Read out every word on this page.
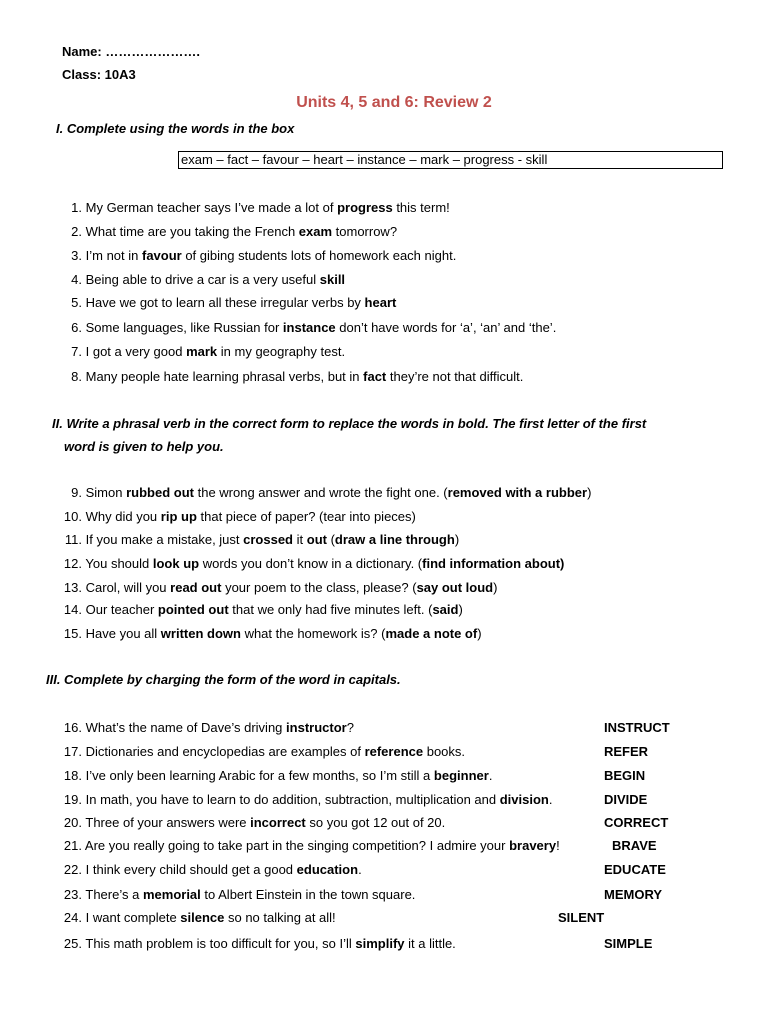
Name: ………………….
Class: 10A3
Units 4, 5 and 6: Review 2
I. Complete using the words in the box
exam – fact – favour – heart – instance – mark – progress - skill
1. My German teacher says I’ve made a lot of progress this term!
2. What time are you taking the French exam tomorrow?
3. I’m not in favour of gibing students lots of homework each night.
4. Being able to drive a car is a very useful skill
5. Have we got to learn all these irregular verbs by heart
6. Some languages, like Russian for instance don’t have words for ‘a’, ‘an’ and ‘the’.
7. I got a very good mark in my geography test.
8. Many people hate learning phrasal verbs, but in fact they’re not that difficult.
II. Write a phrasal verb in the correct form to replace the words in bold. The first letter of the first
word is given to help you.
9. Simon rubbed out the wrong answer and wrote the fight one. (removed with a rubber)
10. Why did you rip up that piece of paper? (tear into pieces)
11. If you make a mistake, just crossed it out (draw a line through)
12. You should look up words you don’t know in a dictionary. (find information about)
13. Carol, will you read out your poem to the class, please? (say out loud)
14. Our teacher pointed out that we only had five minutes left. (said)
15. Have you all written down what the homework is? (made a note of)
III. Complete by charging the form of the word in capitals.
16. What’s the name of Dave’s driving instructor?	INSTRUCT
17. Dictionaries and encyclopedias are examples of reference books.	REFER
18. I’ve only been learning Arabic for a few months, so I’m still a beginner.	BEGIN
19. In math, you have to learn to do addition, subtraction, multiplication and division.	DIVIDE
20. Three of your answers were incorrect so you got 12 out of 20.	CORRECT
21. Are you really going to take part in the singing competition? I admire your bravery!	BRAVE
22. I think every child should get a good education.	EDUCATE
23. There’s a memorial to Albert Einstein in the town square.	MEMORY
24. I want complete silence so no talking at all!	SILENT
25. This math problem is too difficult for you, so I’ll simplify it a little.	SIMPLE
